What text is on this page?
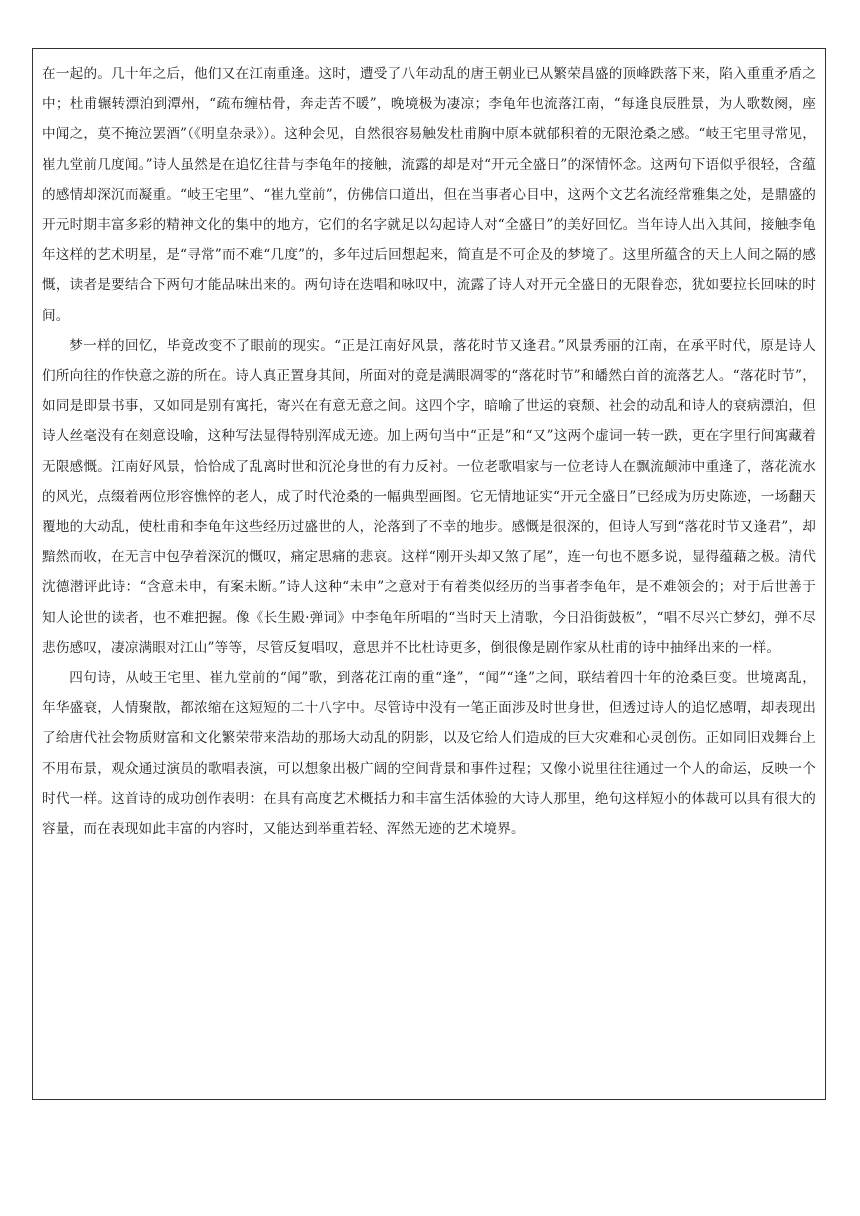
在一起的。几十年之后，他们又在江南重逢。这时，遭受了八年动乱的唐王朝业已从繁荣昌盛的顶峰跌落下来，陷入重重矛盾之中；杜甫辗转漂泊到潭州，“疏布缠枯骨，奔走苦不暖”，晚境极为凄凉；李龟年也流落江南，“每逢良辰胜景，为人歌数阕，座中闻之，莫不掩泣罢酒”（《明皇杂录》）。这种会见，自然很容易触发杜甫胸中原本就郁积着的无限沧桑之感。“岐王宅里寻常见，崔九堂前几度闻。”诗人虽然是在追忆往昔与李龟年的接触，流露的却是对“开元全盛日”的深情怀念。这两句下语似乎很轻，含蕴的感情却深沉而凝重。“岐王宅里”、“崔九堂前”，仿佛信口道出，但在当事者心目中，这两个文艺名流经常雅集之处，是鼎盛的开元时期丰富多彩的精神文化的集中的地方，它们的名字就足以勾起诗人对“全盛日”的美好回忆。当年诗人出入其间，接触李龟年这样的艺术明星，是“寻常”而不难“几度”的，多年过后回想起来，简直是不可企及的梦境了。这里所蕴含的天上人间之隔的感慨，读者是要结合下两句才能品味出来的。两句诗在迭唱和咏叹中，流露了诗人对开元全盛日的无限眷恋，犹如要拉长回味的时间。

梦一样的回忆，毕竟改变不了眼前的现实。“正是江南好风景，落花时节又逢君。”风景秀丽的江南，在承平时代，原是诗人们所向往的作快意之游的所在。诗人真正置身其间，所面对的竟是满眼凋零的“落花时节”和皤然白首的流落艺人。“落花时节”，如同是即景书事，又如同是别有寓托，寄兴在有意无意之间。这四个字，暗喻了世运的衰颓、社会的动乱和诗人的衰病漂泊，但诗人丝毫没有在刻意设喻，这种写法显得特别浑成无迹。加上两句当中“正是”和“又”这两个虚词一转一跌，更在字里行间寓藏着无限感慨。江南好风景，恰恰成了乱离时世和沉沦身世的有力反衬。一位老歌唱家与一位老诗人在飘流颠沛中重逢了，落花流水的风光，点缀着两位形容憔悴的老人，成了时代沧桑的一幅典型画图。它无情地证实“开元全盛日”已经成为历史陈迹，一场翻天覆地的大动乱，使杜甫和李龟年这些经历过盛世的人，沦落到了不幸的地步。感慨是很深的，但诗人写到“落花时节又逢君”，却黯然而收，在无言中包孕着深沉的慨叹，痛定思痛的悲哀。这样“刚开头却又煞了尾”，连一句也不愿多说，显得蕴藉之极。清代沈德潜评此诗：“含意未申，有案未断。”诗人这种“未申”之意对于有着类似经历的当事者李龟年，是不难领会的；对于后世善于知人论世的读者，也不难把握。像《长生殿·弹词》中李龟年所唱的“当时天上清歌，今日沿街鼓板”，“唱不尽兴亡梦幻，弹不尽悲伤感叹，凄凉满眼对江山”等等，尽管反复唱叹，意思并不比杜诗更多，倒很像是剧作家从杜甫的诗中抽绎出来的一样。

四句诗，从岐王宅里、崔九堂前的“闻”歌，到落花江南的重“逢”，“闻”“逢”之间，联结着四十年的沧桑巨变。世境离乱，年华盛衰，人情聚散，都浓缩在这短短的二十八字中。尽管诗中没有一笔正面涉及时世身世，但透过诗人的追忆感喟，却表现出了给唐代社会物质财富和文化繁荣带来浩劫的那场大动乱的阴影，以及它给人们造成的巨大灾难和心灵创伤。正如同旧戏舞台上不用布景，观众通过演员的歌唱表演，可以想象出极广阔的空间背景和事件过程；又像小说里往往通过一个人的命运，反映一个时代一样。这首诗的成功创作表明：在具有高度艺术概括力和丰富生活体验的大诗人那里，绝句这样短小的体裁可以具有很大的容量，而在表现如此丰富的内容时，又能达到举重若轻、浑然无迹的艺术境界。
